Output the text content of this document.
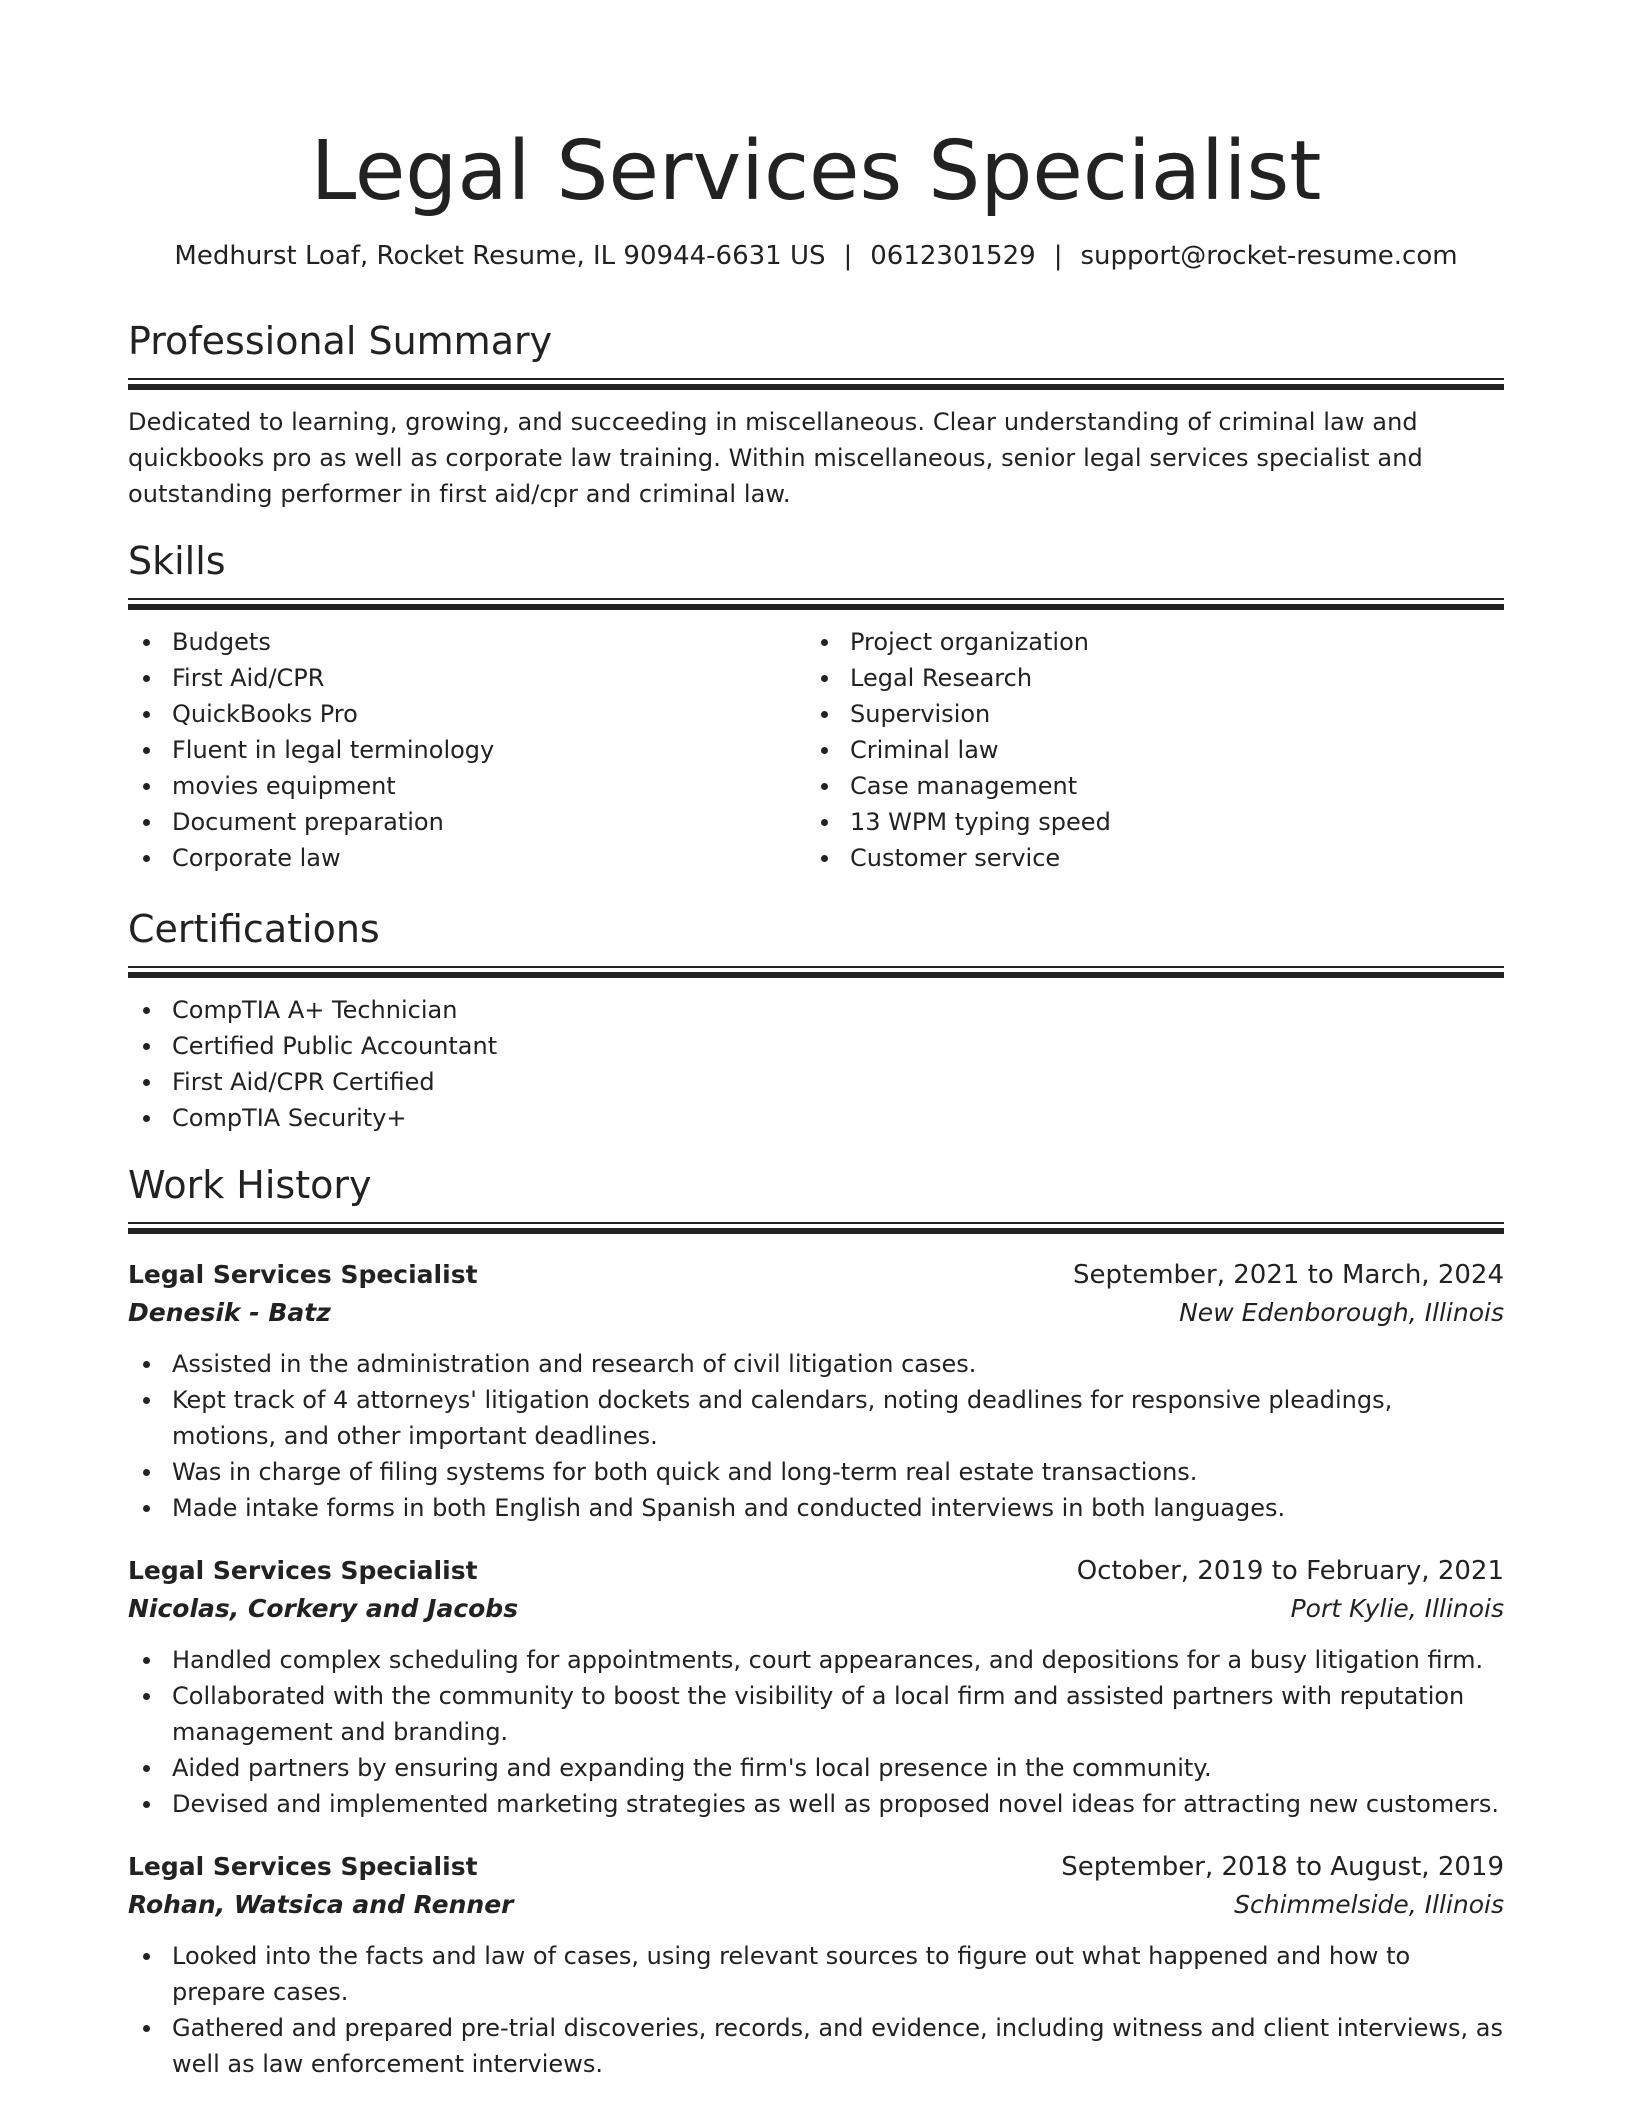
Legal Services Specialist
Medhurst Loaf, Rocket Resume, IL 90944-6631 US | 0612301529 | support@rocket-resume.com
Professional Summary

Dedicated to learning, growing, and succeeding in miscellaneous. Clear understanding of criminal law and quickbooks pro as well as corporate law training. Within miscellaneous, senior legal services specialist and outstanding performer in first aid/cpr and criminal law.

Skills
Budgets
First Aid/CPR
QuickBooks Pro
Fluent in legal terminology
movies equipment
Document preparation
Corporate law
Project organization
Legal Research
Supervision
Criminal law
Case management
13 WPM typing speed
Customer service
Certifications
CompTIA A+ Technician
Certified Public Accountant
First Aid/CPR Certified
CompTIA Security+
Work History
Legal Services Specialist	September, 2021 to March, 2024
Denesik - Batz	New Edenborough, Illinois
Assisted in the administration and research of civil litigation cases.
Kept track of 4 attorneys' litigation dockets and calendars, noting deadlines for responsive pleadings, motions, and other important deadlines.
Was in charge of filing systems for both quick and long-term real estate transactions.
Made intake forms in both English and Spanish and conducted interviews in both languages.
Legal Services Specialist	October, 2019 to February, 2021
Nicolas, Corkery and Jacobs	Port Kylie, Illinois
Handled complex scheduling for appointments, court appearances, and depositions for a busy litigation firm.
Collaborated with the community to boost the visibility of a local firm and assisted partners with reputation management and branding.
Aided partners by ensuring and expanding the firm's local presence in the community.
Devised and implemented marketing strategies as well as proposed novel ideas for attracting new customers.
Legal Services Specialist	September, 2018 to August, 2019
Rohan, Watsica and Renner	Schimmelside, Illinois
Looked into the facts and law of cases, using relevant sources to figure out what happened and how to prepare cases.
Gathered and prepared pre-trial discoveries, records, and evidence, including witness and client interviews, as well as law enforcement interviews.
